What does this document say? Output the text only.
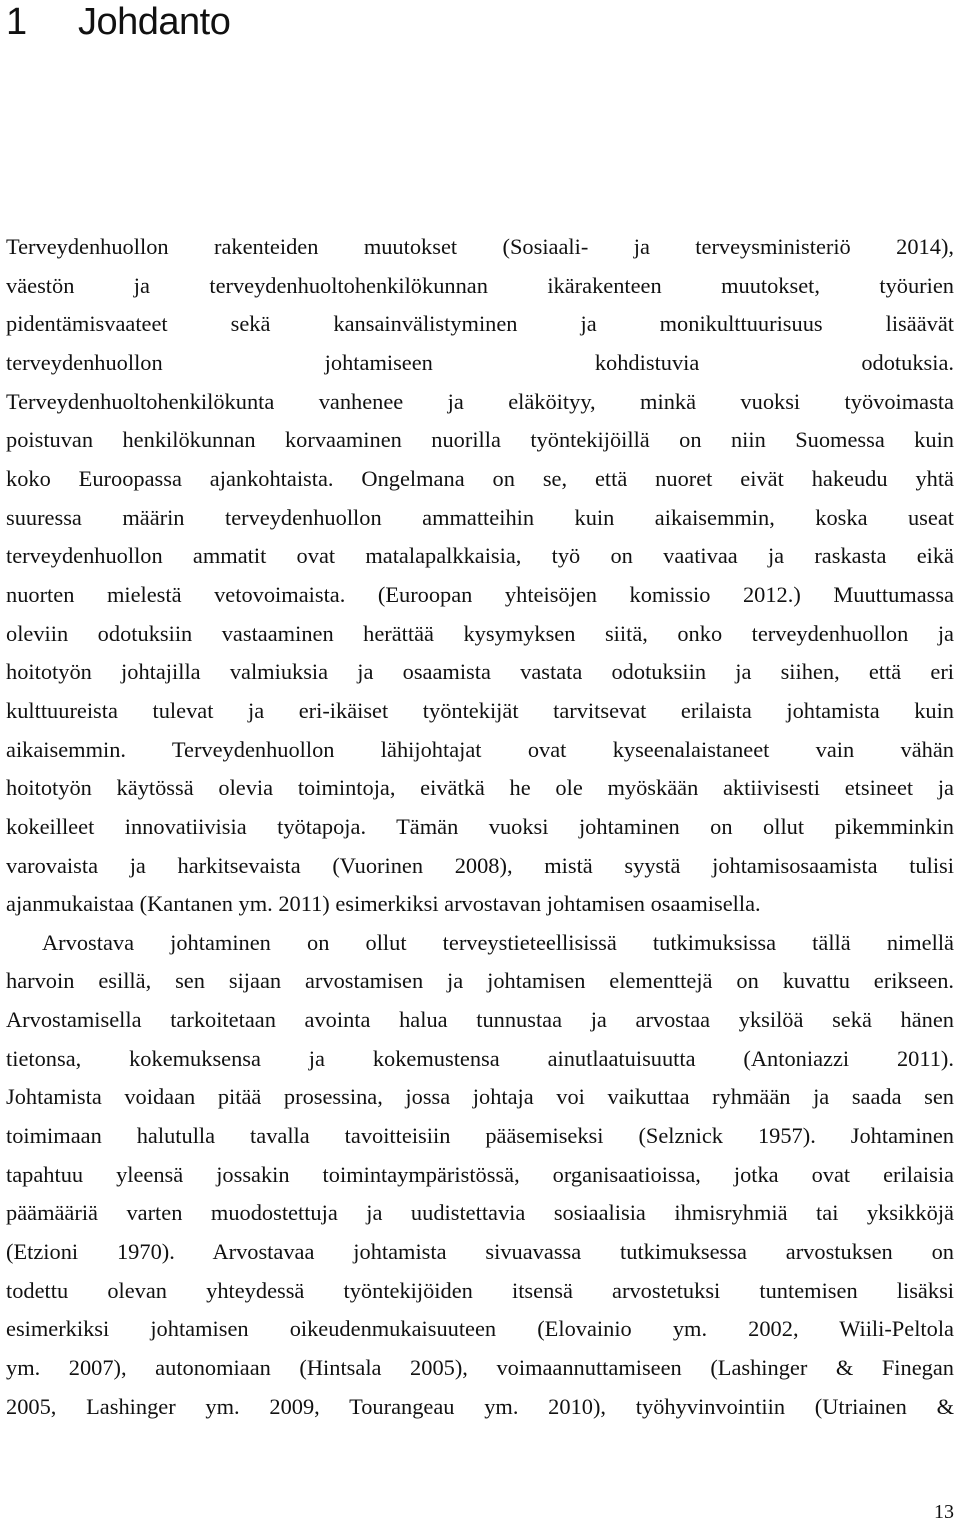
1 Johdanto
Terveydenhuollon rakenteiden muutokset (Sosiaali- ja terveysministeriö 2014),
väestön ja terveydenhuoltohenkilökunnan ikärakenteen muutokset, työurien
pidentämisvaateet sekä kansainvälistyminen ja monikulttuurisuus lisäävät
terveydenhuollon johtamiseen kohdistuvia odotuksia.
Terveydenhuoltohenkilökunta vanhenee ja eläköityy, minkä vuoksi työvoimasta
poistuvan henkilökunnan korvaaminen nuorilla työntekijöillä on niin Suomessa kuin
koko Euroopassa ajankohtaista. Ongelmana on se, että nuoret eivät hakeudu yhtä
suuressa määrin terveydenhuollon ammatteihin kuin aikaisemmin, koska useat
terveydenhuollon ammatit ovat matalapalkkaisia, työ on vaativaa ja raskasta eikä
nuorten mielestä vetovoimaista. (Euroopan yhteisöjen komissio 2012.) Muuttumassa
oleviin odotuksiin vastaaminen herättää kysymyksen siitä, onko terveydenhuollon ja
hoitotyön johtajilla valmiuksia ja osaamista vastata odotuksiin ja siihen, että eri
kulttuureista tulevat ja eri-ikäiset työntekijät tarvitsevat erilaista johtamista kuin
aikaisemmin. Terveydenhuollon lähijohtajat ovat kyseenalaistaneet vain vähän
hoitotyön käytössä olevia toimintoja, eivätkä he ole myöskään aktiivisesti etsineet ja
kokeilleet innovatiivisia työtapoja. Tämän vuoksi johtaminen on ollut pikemminkin
varovaista ja harkitsevaista (Vuorinen 2008), mistä syystä johtamisosaamista tulisi
ajanmukaistaa (Kantanen ym. 2011) esimerkiksi arvostavan johtamisen osaamisella.
Arvostava johtaminen on ollut terveystieteellisissä tutkimuksissa tällä nimellä
harvoin esillä, sen sijaan arvostamisen ja johtamisen elementtejä on kuvattu erikseen.
Arvostamisella tarkoitetaan avointa halua tunnustaa ja arvostaa yksilöä sekä hänen
tietonsa, kokemuksensa ja kokemustensa ainutlaatuisuutta (Antoniazzi 2011).
Johtamista voidaan pitää prosessina, jossa johtaja voi vaikuttaa ryhmään ja saada sen
toimimaan halutulla tavalla tavoitteisiin pääsemiseksi (Selznick 1957). Johtaminen
tapahtuu yleensä jossakin toimintaympäristössä, organisaatioissa, jotka ovat erilaisia
päämääriä varten muodostettuja ja uudistettavia sosiaalisia ihmisryhmiä tai yksikköjä
(Etzioni 1970). Arvostavaa johtamista sivuavassa tutkimuksessa arvostuksen on
todettu olevan yhteydessä työntekijöiden itsensä arvostetuksi tuntemisen lisäksi
esimerkiksi johtamisen oikeudenmukaisuuteen (Elovainio ym. 2002, Wiili-Peltola
ym. 2007), autonomiaan (Hintsala 2005), voimaannuttamiseen (Lashinger & Finegan
2005, Lashinger ym. 2009, Tourangeau ym. 2010), työhyvinvointiin (Utriainen &
13
